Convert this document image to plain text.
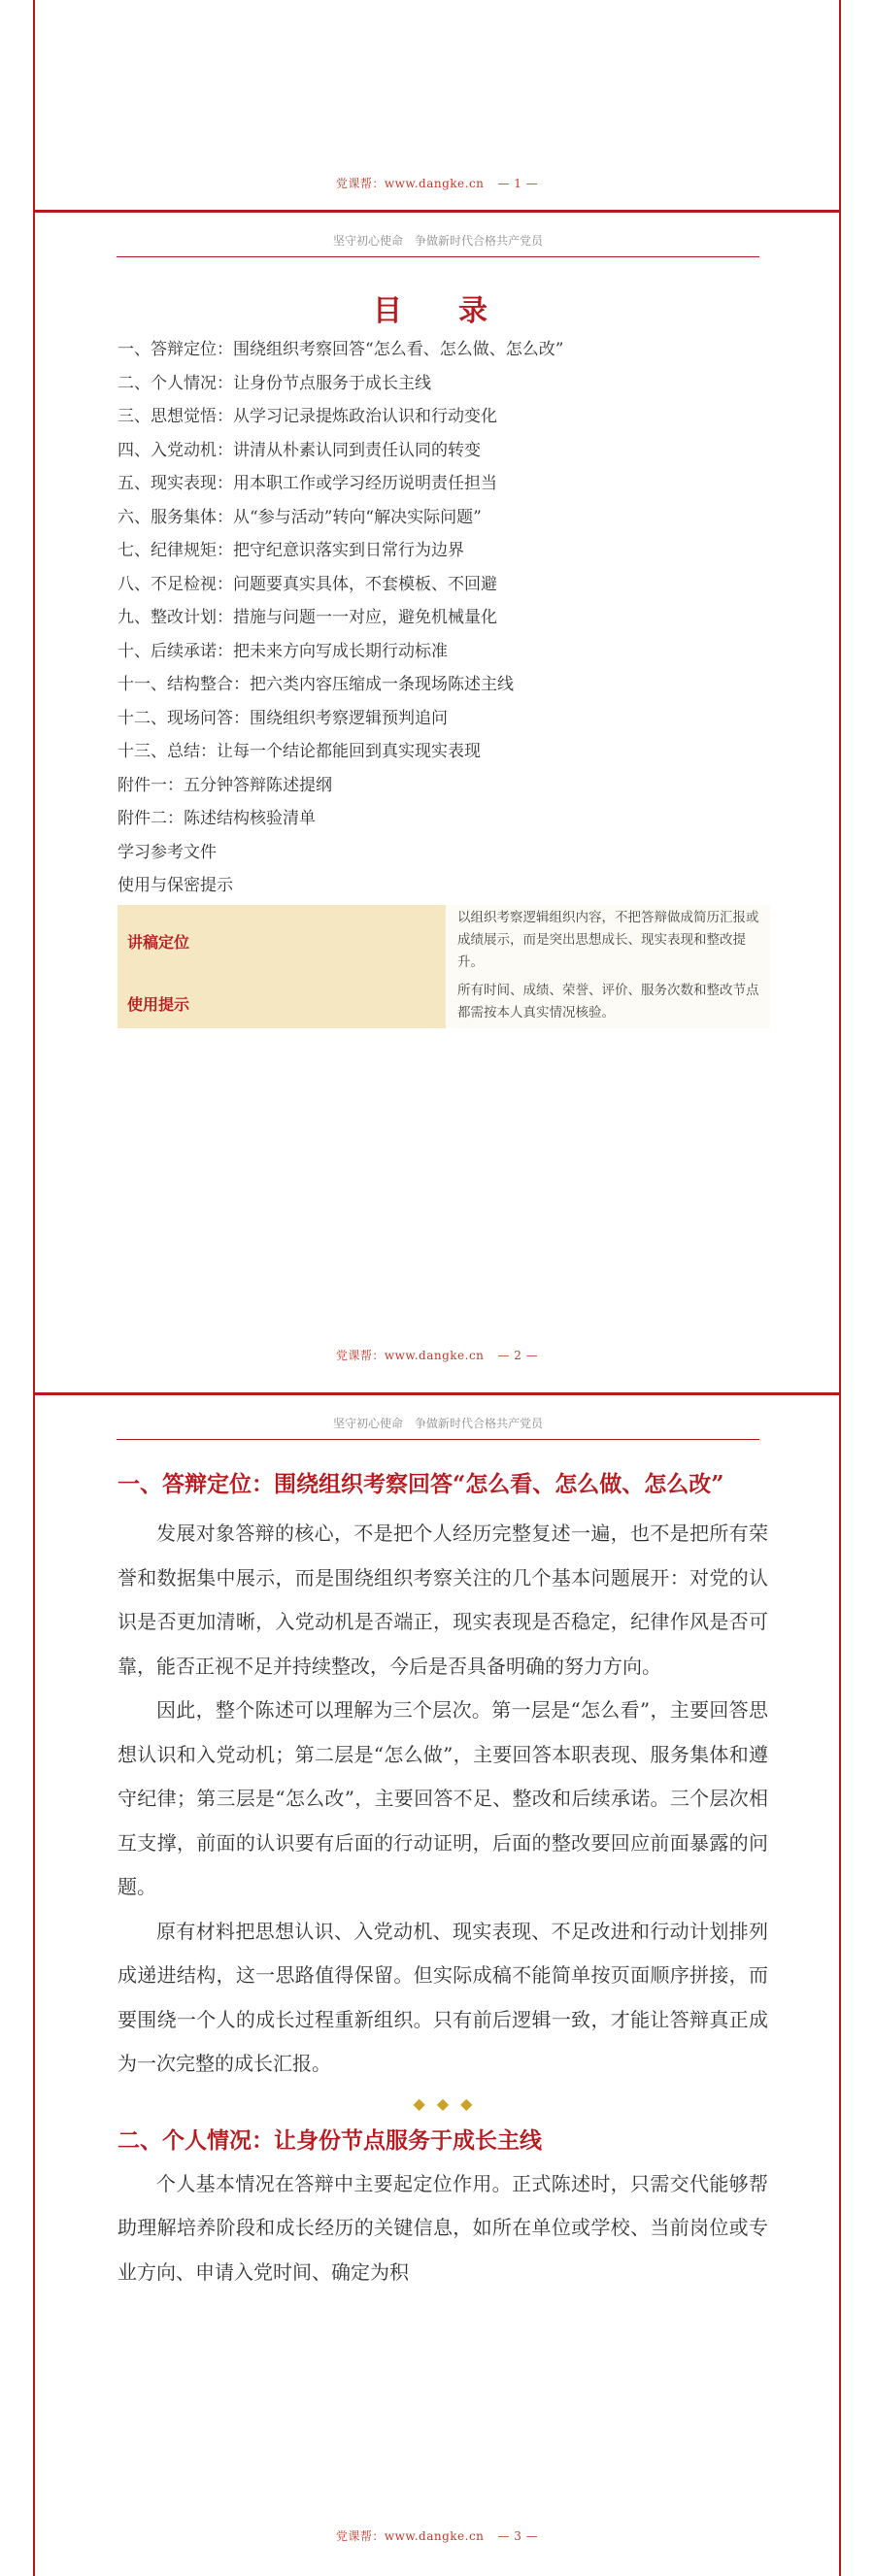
党课帮：www.dangke.cn — 1 —
坚守初心使命　争做新时代合格共产党员
目　录
一、答辩定位：围绕组织考察回答“怎么看、怎么做、怎么改”
二、个人情况：让身份节点服务于成长主线
三、思想觉悟：从学习记录提炼政治认识和行动变化
四、入党动机：讲清从朴素认同到责任认同的转变
五、现实表现：用本职工作或学习经历说明责任担当
六、服务集体：从“参与活动”转向“解决实际问题”
七、纪律规矩：把守纪意识落实到日常行为边界
八、不足检视：问题要真实具体，不套模板、不回避
九、整改计划：措施与问题一一对应，避免机械量化
十、后续承诺：把未来方向写成长期行动标准
十一、结构整合：把六类内容压缩成一条现场陈述主线
十二、现场问答：围绕组织考察逻辑预判追问
十三、总结：让每一个结论都能回到真实现实表现
附件一：五分钟答辩陈述提纲
附件二：陈述结构核验清单
学习参考文件
使用与保密提示
讲稿定位	以组织考察逻辑组织内容，不把答辩做成简历汇报或成绩展示，而是突出思想成长、现实表现和整改提升。
使用提示	所有时间、成绩、荣誉、评价、服务次数和整改节点都需按本人真实情况核验。
党课帮：www.dangke.cn — 2 —
坚守初心使命　争做新时代合格共产党员
一、答辩定位：围绕组织考察回答“怎么看、怎么做、怎么改”

发展对象答辩的核心，不是把个人经历完整复述一遍，也不是把所有荣誉和数据集中展示，而是围绕组织考察关注的几个基本问题展开：对党的认识是否更加清晰，入党动机是否端正，现实表现是否稳定，纪律作风是否可靠，能否正视不足并持续整改，今后是否具备明确的努力方向。

因此，整个陈述可以理解为三个层次。第一层是“怎么看”，主要回答思想认识和入党动机；第二层是“怎么做”，主要回答本职表现、服务集体和遵守纪律；第三层是“怎么改”，主要回答不足、整改和后续承诺。三个层次相互支撑，前面的认识要有后面的行动证明，后面的整改要回应前面暴露的问题。

原有材料把思想认识、入党动机、现实表现、不足改进和行动计划排列成递进结构，这一思路值得保留。但实际成稿不能简单按页面顺序拼接，而要围绕一个人的成长过程重新组织。只有前后逻辑一致，才能让答辩真正成为一次完整的成长汇报。

◆◆◆
二、个人情况：让身份节点服务于成长主线

个人基本情况在答辩中主要起定位作用。正式陈述时，只需交代能够帮助理解培养阶段和成长经历的关键信息，如所在单位或学校、当前岗位或专业方向、申请入党时间、确定为积

党课帮：www.dangke.cn — 3 —
